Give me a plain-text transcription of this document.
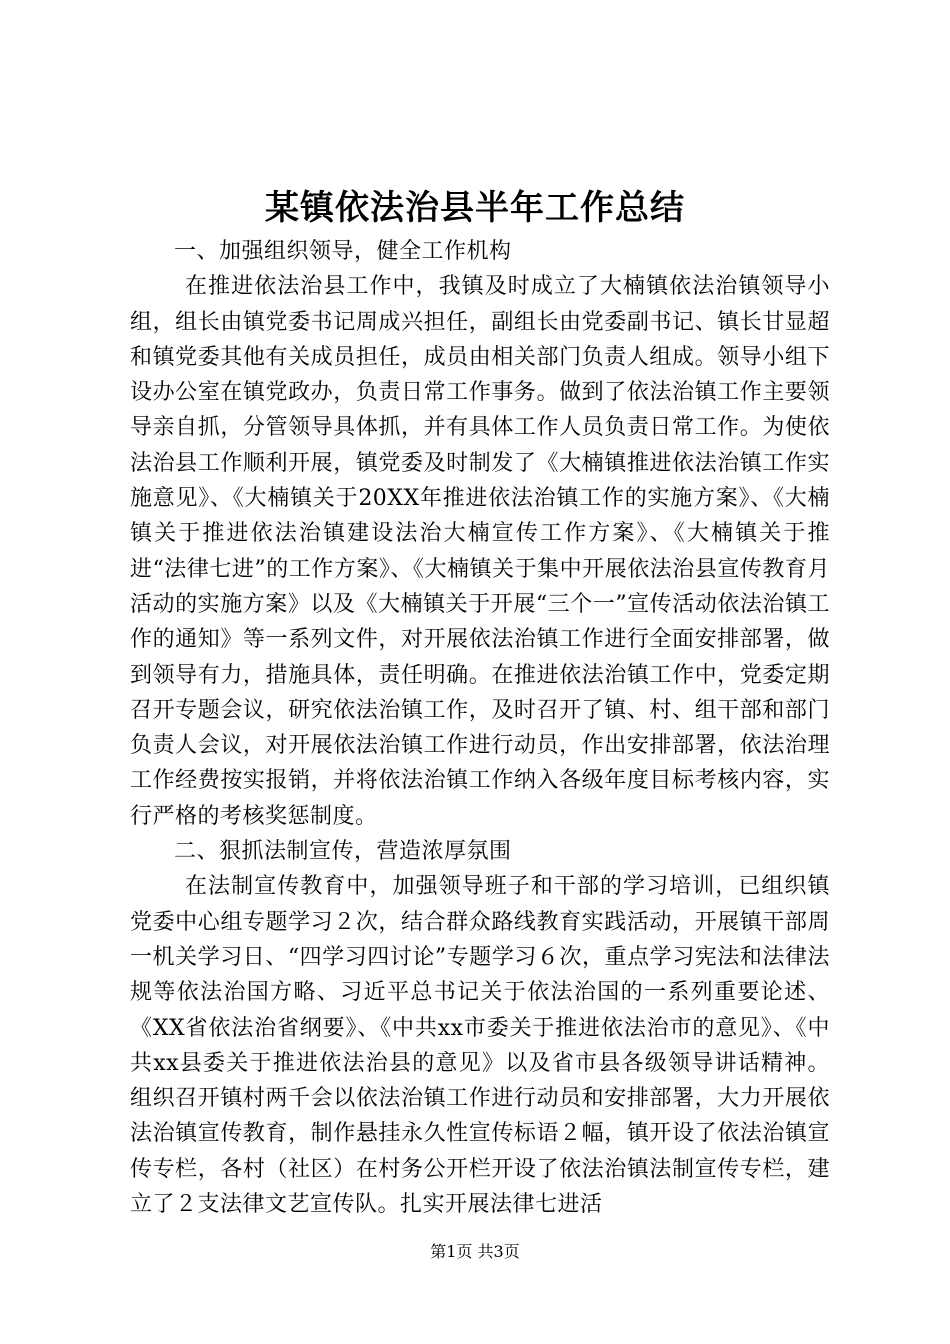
某镇依法治县半年工作总结

一、加强组织领导，健全工作机构

在推进依法治县工作中，我镇及时成立了大楠镇依法治镇领导小组，组长由镇党委书记周成兴担任，副组长由党委副书记、镇长甘显超和镇党委其他有关成员担任，成员由相关部门负责人组成。领导小组下设办公室在镇党政办，负责日常工作事务。做到了依法治镇工作主要领导亲自抓，分管领导具体抓，并有具体工作人员负责日常工作。为使依法治县工作顺利开展，镇党委及时制发了《大楠镇推进依法治镇工作实施意见》、《大楠镇关于20XX年推进依法治镇工作的实施方案》、《大楠镇关于推进依法治镇建设法治大楠宣传工作方案》、《大楠镇关于推进“法律七进”的工作方案》、《大楠镇关于集中开展依法治县宣传教育月活动的实施方案》以及《大楠镇关于开展“三个一”宣传活动依法治镇工作的通知》等一系列文件，对开展依法治镇工作进行全面安排部署，做到领导有力，措施具体，责任明确。在推进依法治镇工作中，党委定期召开专题会议，研究依法治镇工作，及时召开了镇、村、组干部和部门负责人会议，对开展依法治镇工作进行动员，作出安排部署，依法治理工作经费按实报销，并将依法治镇工作纳入各级年度目标考核内容，实行严格的考核奖惩制度。

二、狠抓法制宣传，营造浓厚氛围

在法制宣传教育中，加强领导班子和干部的学习培训，已组织镇党委中心组专题学习２次，结合群众路线教育实践活动，开展镇干部周一机关学习日、“四学习四讨论”专题学习６次，重点学习宪法和法律法规等依法治国方略、习近平总书记关于依法治国的一系列重要论述、《XX省依法治省纲要》、《中共xx市委关于推进依法治市的意见》、《中共xx县委关于推进依法治县的意见》以及省市县各级领导讲话精神。组织召开镇村两千会以依法治镇工作进行动员和安排部署，大力开展依法治镇宣传教育，制作悬挂永久性宣传标语２幅，镇开设了依法治镇宣传专栏，各村（社区）在村务公开栏开设了依法治镇法制宣传专栏，建立了２支法律文艺宣传队。扎实开展法律七进活

第1页 共3页
